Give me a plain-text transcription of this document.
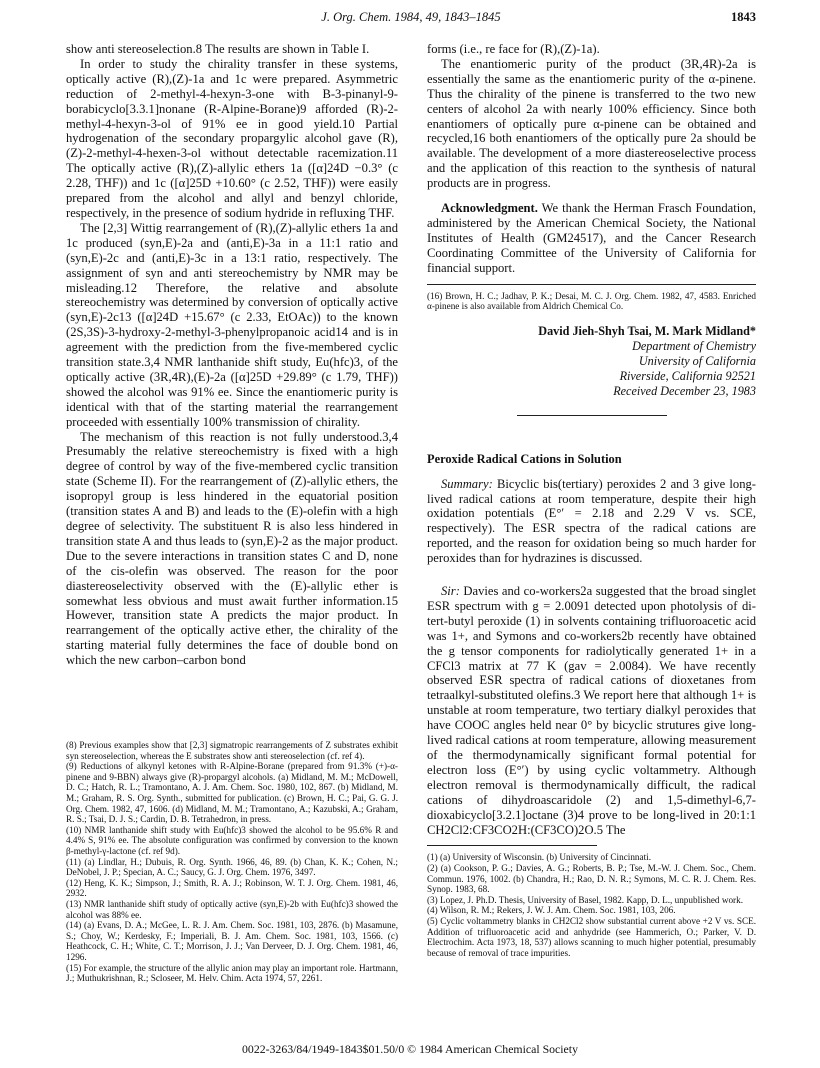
J. Org. Chem. 1984, 49, 1843–1845	1843

show anti stereoselection.8 The results are shown in Table I.

In order to study the chirality transfer in these systems, optically active (R),(Z)-1a and 1c were prepared. Asymmetric reduction of 2-methyl-4-hexyn-3-one with B-3-pinanyl-9-borabicyclo[3.3.1]nonane (R-Alpine-Borane)9 afforded (R)-2-methyl-4-hexyn-3-ol of 91% ee in good yield.10 Partial hydrogenation of the secondary propargylic alcohol gave (R),(Z)-2-methyl-4-hexen-3-ol without detectable racemization.11 The optically active (R),(Z)-allylic ethers 1a ([α]24D −0.3° (c 2.28, THF)) and 1c ([α]25D +10.60° (c 2.52, THF)) were easily prepared from the alcohol and allyl and benzyl chloride, respectively, in the presence of sodium hydride in refluxing THF.

The [2,3] Wittig rearrangement of (R),(Z)-allylic ethers 1a and 1c produced (syn,E)-2a and (anti,E)-3a in a 11:1 ratio and (syn,E)-2c and (anti,E)-3c in a 13:1 ratio, respectively. The assignment of syn and anti stereochemistry by NMR may be misleading.12 Therefore, the relative and absolute stereochemistry was determined by conversion of optically active (syn,E)-2c13 ([α]24D +15.67° (c 2.33, EtOAc)) to the known (2S,3S)-3-hydroxy-2-methyl-3-phenylpropanoic acid14 and is in agreement with the prediction from the five-membered cyclic transition state.3,4 NMR lanthanide shift study, Eu(hfc)3, of the optically active (3R,4R),(E)-2a ([α]25D +29.89° (c 1.79, THF)) showed the alcohol was 91% ee. Since the enantiomeric purity is identical with that of the starting material the rearrangement proceeded with essentially 100% transmission of chirality.

The mechanism of this reaction is not fully understood.3,4 Presumably the relative stereochemistry is fixed with a high degree of control by way of the five-membered cyclic transition state (Scheme II). For the rearrangement of (Z)-allylic ethers, the isopropyl group is less hindered in the equatorial position (transition states A and B) and leads to the (E)-olefin with a high degree of selectivity. The substituent R is also less hindered in transition state A and thus leads to (syn,E)-2 as the major product. Due to the severe interactions in transition states C and D, none of the cis-olefin was observed. The reason for the poor diastereoselectivity observed with the (E)-allylic ether is somewhat less obvious and must await further information.15 However, transition state A predicts the major product. In rearrangement of the optically active ether, the chirality of the starting material fully determines the face of double bond on which the new carbon–carbon bond

(8) Previous examples show that [2,3] sigmatropic rearrangements of Z substrates exhibit syn stereoselection, whereas the E substrates show anti stereoselection (cf. ref 4).

(9) Reductions of alkynyl ketones with R-Alpine-Borane (prepared from 91.3% (+)-α-pinene and 9-BBN) always give (R)-propargyl alcohols. (a) Midland, M. M.; McDowell, D. C.; Hatch, R. L.; Tramontano, A. J. Am. Chem. Soc. 1980, 102, 867. (b) Midland, M. M.; Graham, R. S. Org. Synth., submitted for publication. (c) Brown, H. C.; Pai, G. G. J. Org. Chem. 1982, 47, 1606. (d) Midland, M. M.; Tramontano, A.; Kazubski, A.; Graham, R. S.; Tsai, D. J. S.; Cardin, D. B. Tetrahedron, in press.

(10) NMR lanthanide shift study with Eu(hfc)3 showed the alcohol to be 95.6% R and 4.4% S, 91% ee. The absolute configuration was confirmed by conversion to the known β-methyl-γ-lactone (cf. ref 9d).

(11) (a) Lindlar, H.; Dubuis, R. Org. Synth. 1966, 46, 89. (b) Chan, K. K.; Cohen, N.; DeNobel, J. P.; Specian, A. C.; Saucy, G. J. Org. Chem. 1976, 3497.

(12) Heng, K. K.; Simpson, J.; Smith, R. A. J.; Robinson, W. T. J. Org. Chem. 1981, 46, 2932.

(13) NMR lanthanide shift study of optically active (syn,E)-2b with Eu(hfc)3 showed the alcohol was 88% ee.

(14) (a) Evans, D. A.; McGee, L. R. J. Am. Chem. Soc. 1981, 103, 2876. (b) Masamune, S.; Choy, W.; Kerdesky, F.; Imperiali, B. J. Am. Chem. Soc. 1981, 103, 1566. (c) Heathcock, C. H.; White, C. T.; Morrison, J. J.; Van Derveer, D. J. Org. Chem. 1981, 46, 1296.

(15) For example, the structure of the allylic anion may play an important role. Hartmann, J.; Muthukrishnan, R.; Scloseer, M. Helv. Chim. Acta 1974, 57, 2261.

forms (i.e., re face for (R),(Z)-1a).

The enantiomeric purity of the product (3R,4R)-2a is essentially the same as the enantiomeric purity of the α-pinene. Thus the chirality of the pinene is transferred to the two new centers of alcohol 2a with nearly 100% efficiency. Since both enantiomers of optically pure α-pinene can be obtained and recycled,16 both enantiomers of the optically pure 2a should be available. The development of a more diastereoselective process and the application of this reaction to the synthesis of natural products are in progress.

Acknowledgment. We thank the Herman Frasch Foundation, administered by the American Chemical Society, the National Institutes of Health (GM24517), and the Cancer Research Coordinating Committee of the University of California for financial support.

(16) Brown, H. C.; Jadhav, P. K.; Desai, M. C. J. Org. Chem. 1982, 47, 4583. Enriched α-pinene is also available from Aldrich Chemical Co.
David Jieh-Shyh Tsai, M. Mark Midland*
Department of Chemistry
University of California
Riverside, California 92521
Received December 23, 1983
Peroxide Radical Cations in Solution

Summary: Bicyclic bis(tertiary) peroxides 2 and 3 give long-lived radical cations at room temperature, despite their high oxidation potentials (E°′ = 2.18 and 2.29 V vs. SCE, respectively). The ESR spectra of the radical cations are reported, and the reason for oxidation being so much harder for peroxides than for hydrazines is discussed.

Sir: Davies and co-workers2a suggested that the broad singlet ESR spectrum with g = 2.0091 detected upon photolysis of di-tert-butyl peroxide (1) in solvents containing trifluoroacetic acid was 1+, and Symons and co-workers2b recently have obtained the g tensor components for radiolytically generated 1+ in a CFCl3 matrix at 77 K (gav = 2.0084). We have recently observed ESR spectra of radical cations of dioxetanes from tetraalkyl-substituted olefins.3 We report here that although 1+ is unstable at room temperature, two tertiary dialkyl peroxides that have COOC angles held near 0° by bicyclic strutures give long-lived radical cations at room temperature, allowing measurement of the thermodynamically significant formal potential for electron loss (E°′) by using cyclic voltammetry. Although electron removal is thermodynamically difficult, the radical cations of dihydroascaridole (2) and 1,5-dimethyl-6,7-dioxabicyclo[3.2.1]octane (3)4 prove to be long-lived in 20:1:1 CH2Cl2:CF3CO2H:(CF3CO)2O.5 The

(1) (a) University of Wisconsin. (b) University of Cincinnati.

(2) (a) Cookson, P. G.; Davies, A. G.; Roberts, B. P.; Tse, M.-W. J. Chem. Soc., Chem. Commun. 1976, 1002. (b) Chandra, H.; Rao, D. N. R.; Symons, M. C. R. J. Chem. Res. Synop. 1983, 68.

(3) Lopez, J. Ph.D. Thesis, University of Basel, 1982. Kapp, D. L., unpublished work.

(4) Wilson, R. M.; Rekers, J. W. J. Am. Chem. Soc. 1981, 103, 206.

(5) Cyclic voltammetry blanks in CH2Cl2 show substantial current above +2 V vs. SCE. Addition of trifluoroacetic acid and anhydride (see Hammerich, O.; Parker, V. D. Electrochim. Acta 1973, 18, 537) allows scanning to much higher potential, presumably because of removal of trace impurities.

0022-3263/84/1949-1843$01.50/0 © 1984 American Chemical Society
